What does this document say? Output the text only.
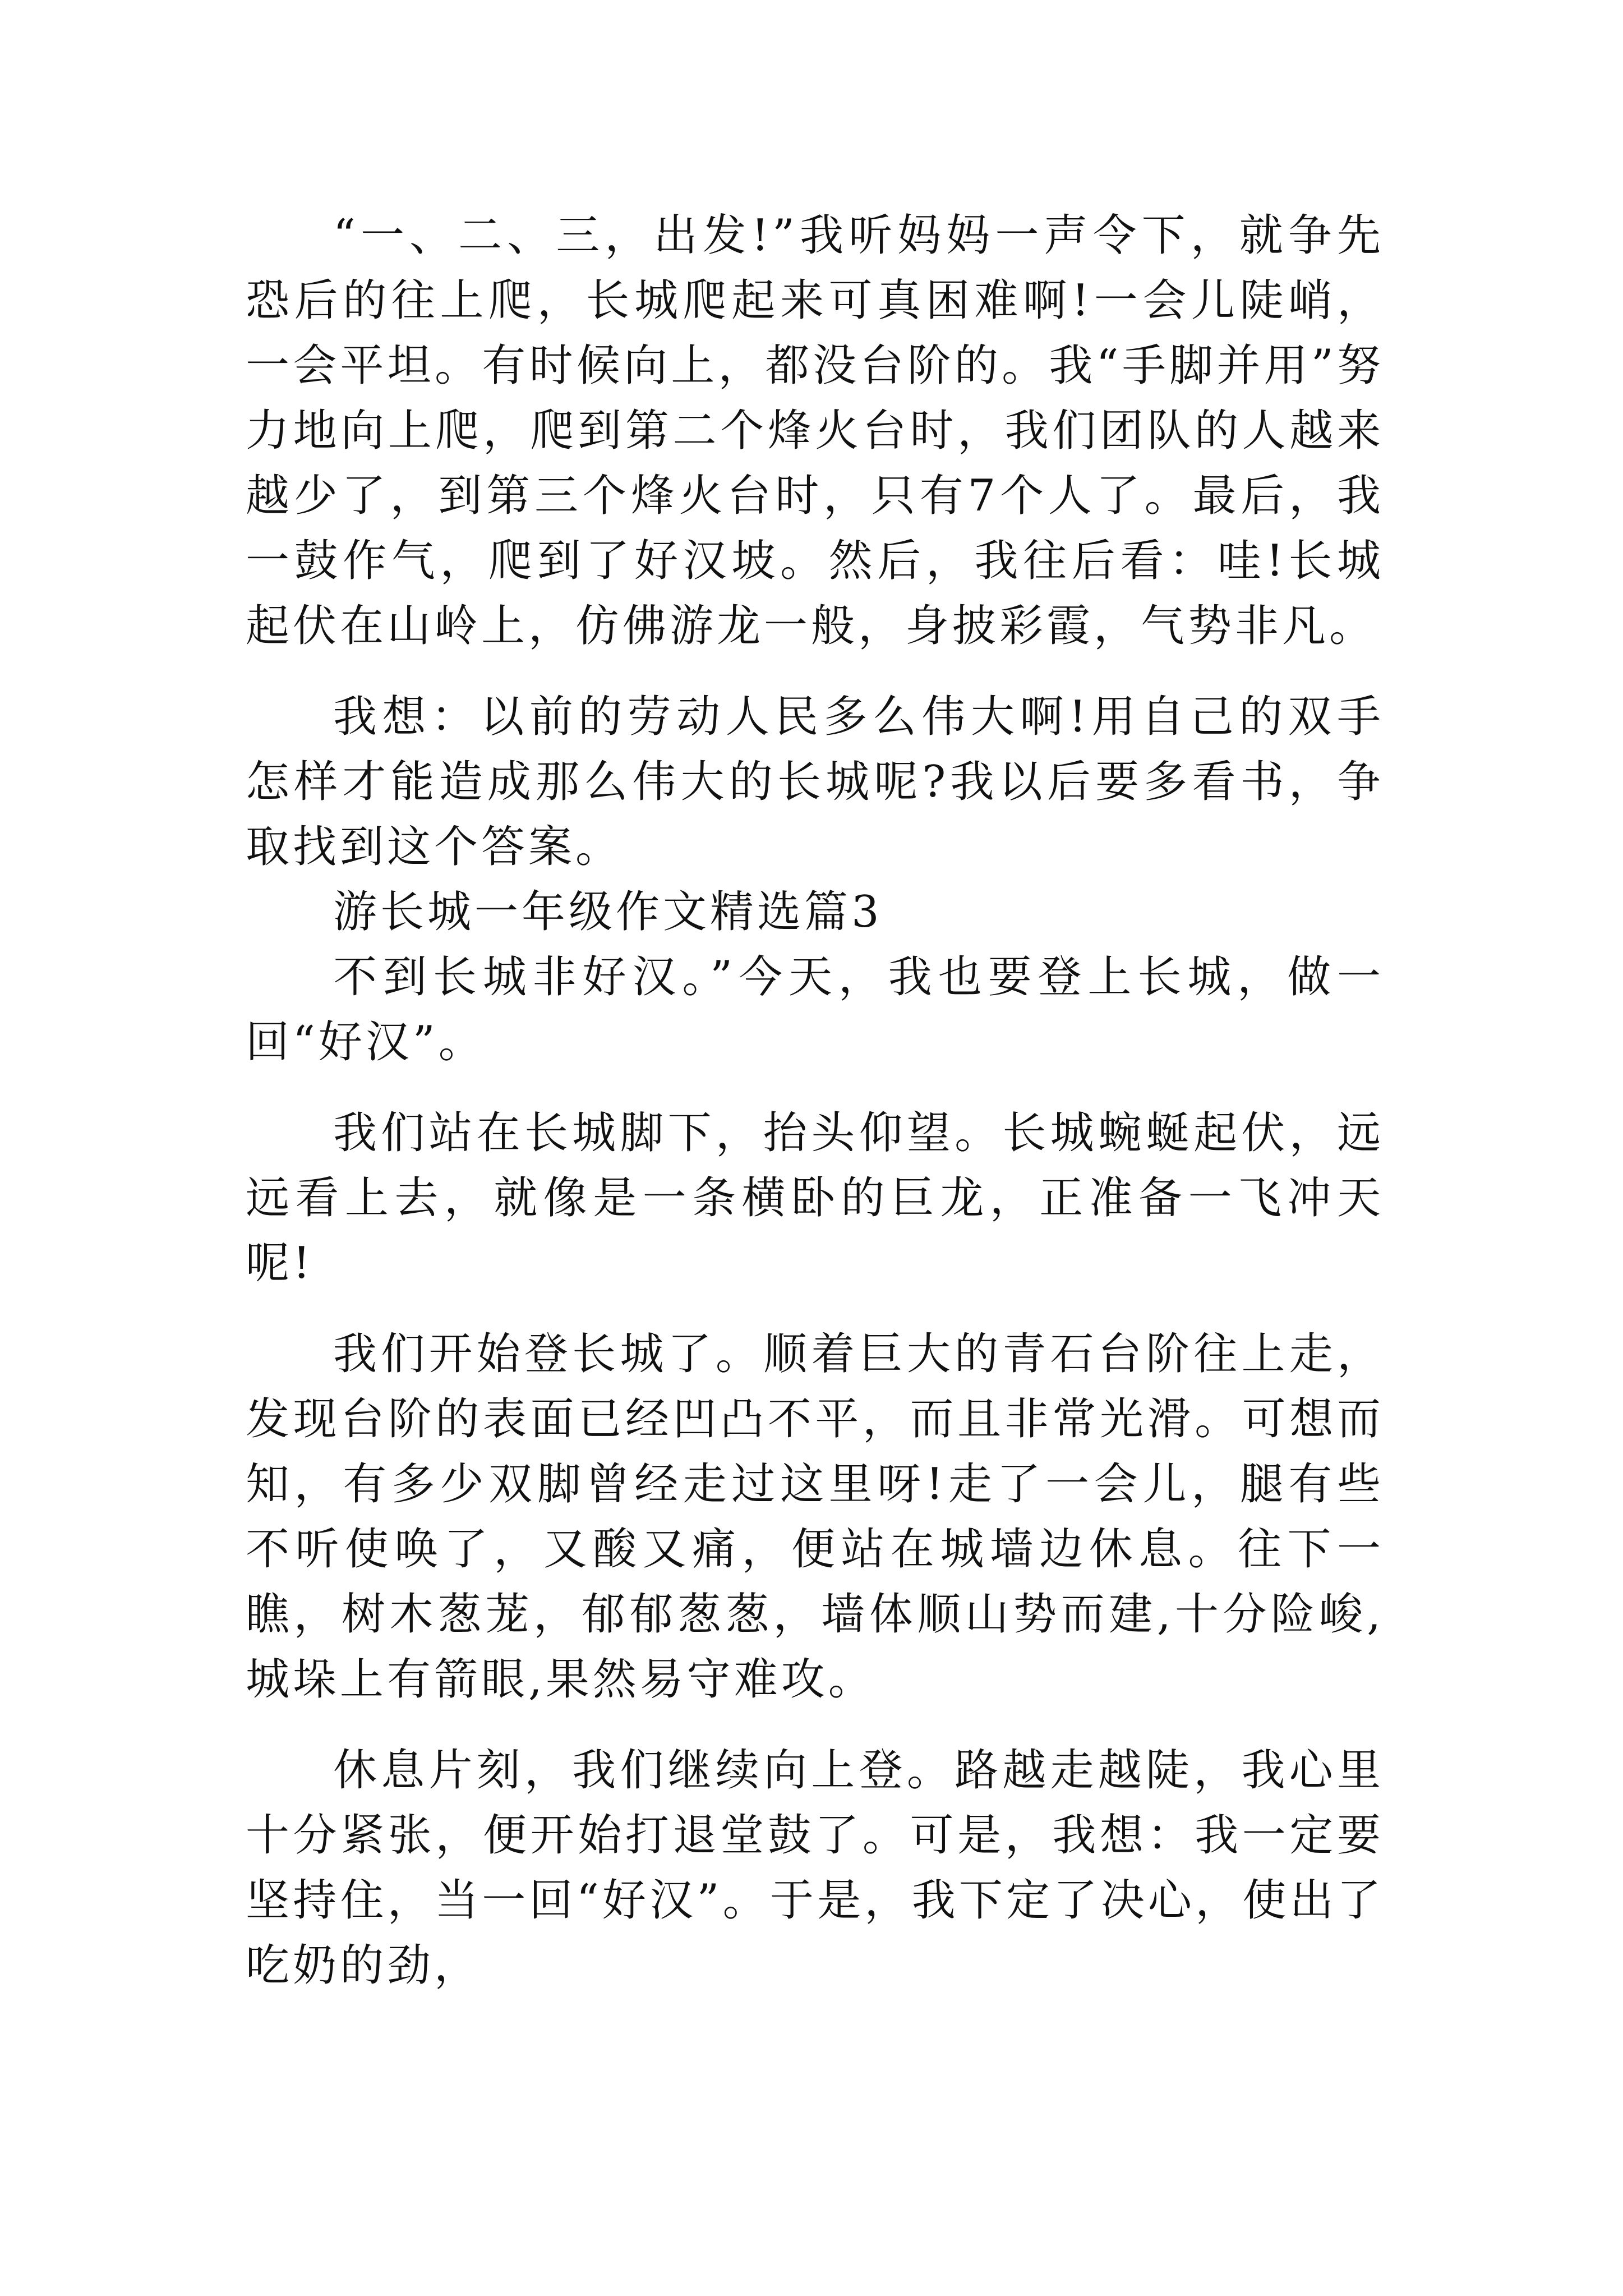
“一、二、三，出发!”我听妈妈一声令下，就争先恐后的往上爬，长城爬起来可真困难啊!一会儿陡峭，一会平坦。有时候向上，都没台阶的。我“手脚并用”努力地向上爬，爬到第二个烽火台时，我们团队的人越来越少了，到第三个烽火台时，只有7个人了。最后，我一鼓作气，爬到了好汉坡。然后，我往后看：哇!长城起伏在山岭上，仿佛游龙一般，身披彩霞，气势非凡。

我想：以前的劳动人民多么伟大啊!用自己的双手怎样才能造成那么伟大的长城呢?我以后要多看书，争取找到这个答案。

游长城一年级作文精选篇3

不到长城非好汉。”今天，我也要登上长城，做一回“好汉”。

我们站在长城脚下，抬头仰望。长城蜿蜒起伏，远远看上去，就像是一条横卧的巨龙，正准备一飞冲天呢!

我们开始登长城了。顺着巨大的青石台阶往上走，发现台阶的表面已经凹凸不平，而且非常光滑。可想而知，有多少双脚曾经走过这里呀!走了一会儿，腿有些不听使唤了，又酸又痛，便站在城墙边休息。往下一瞧，树木葱茏，郁郁葱葱，墙体顺山势而建,十分险峻,城垛上有箭眼,果然易守难攻。

休息片刻，我们继续向上登。路越走越陡，我心里十分紧张，便开始打退堂鼓了。可是，我想：我一定要坚持住，当一回“好汉”。于是，我下定了决心，使出了吃奶的劲，
